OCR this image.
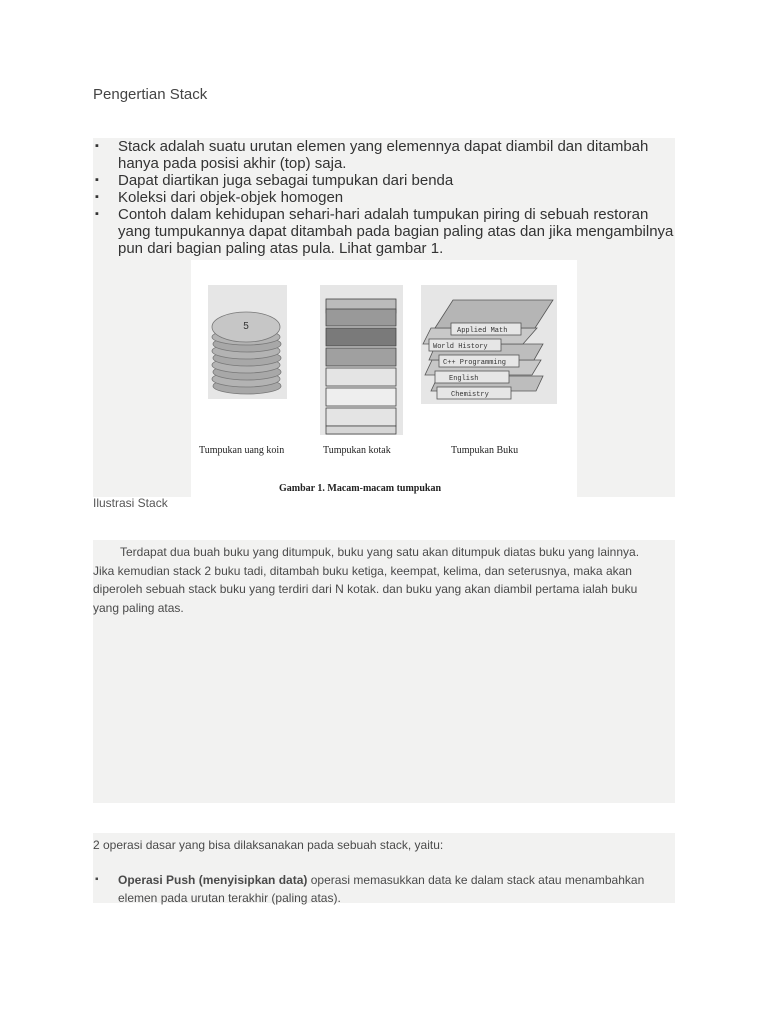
Pengertian Stack
▪ Stack adalah suatu urutan elemen yang elemennya dapat diambil dan ditambah hanya pada posisi akhir (top) saja.
▪ Dapat diartikan juga sebagai tumpukan dari benda
▪ Koleksi dari objek-objek homogen
▪ Contoh dalam kehidupan sehari-hari adalah tumpukan piring di sebuah restoran yang tumpukannya dapat ditambah pada bagian paling atas dan jika mengambilnya pun dari bagian paling atas pula. Lihat gambar 1.
5	Applied Math
World History
C++ Programming
English
Chemistry
Tumpukan uang koin	Tumpukan kotak	Tumpukan Buku
Gambar 1. Macam-macam tumpukan
Ilustrasi Stack
Terdapat dua buah buku yang ditumpuk, buku yang satu akan ditumpuk diatas buku yang lainnya. Jika kemudian stack 2 buku tadi, ditambah buku ketiga, keempat, kelima, dan seterusnya, maka akan diperoleh sebuah stack buku yang terdiri dari N kotak. dan buku yang akan diambil pertama ialah buku yang paling atas.
2 operasi dasar yang bisa dilaksanakan pada sebuah stack, yaitu:
▪ Operasi Push (menyisipkan data) operasi memasukkan data ke dalam stack atau menambahkan elemen pada urutan terakhir (paling atas).
